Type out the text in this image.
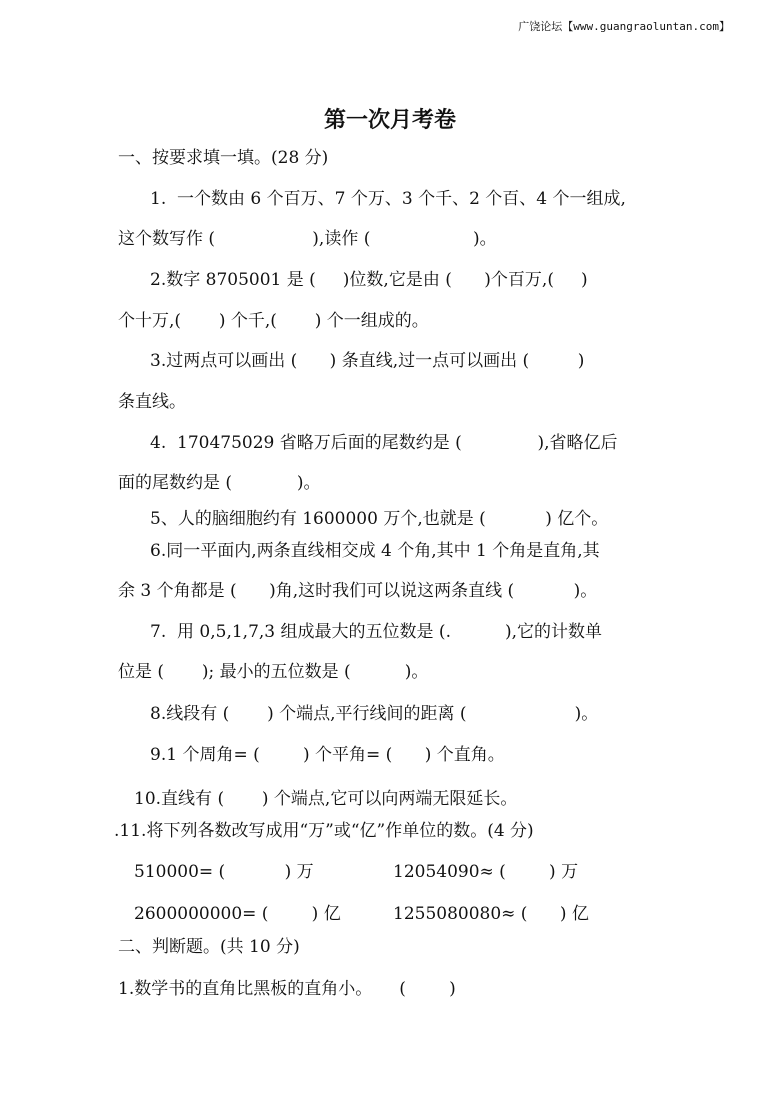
广饶论坛【www.guangraoluntan.com】
第一次月考卷
一、按要求填一填。(28 分)
1.  一个数由 6 个百万、7 个万、3 个千、2 个百、4 个一组成,
这个数写作 (                  ),读作 (                   )。
2.数字 8705001 是 (     )位数,它是由 (      )个百万,(     )
个十万,(       ) 个千,(       ) 个一组成的。
3.过两点可以画出 (      ) 条直线,过一点可以画出 (         )
条直线。
4.  170475029 省略万后面的尾数约是 (              ),省略亿后
面的尾数约是 (            )。
5、人的脑细胞约有 1600000 万个,也就是 (           ) 亿个。
6.同一平面内,两条直线相交成 4 个角,其中 1 个角是直角,其
余 3 个角都是 (      )角,这时我们可以说这两条直线 (           )。
7.  用 0,5,1,7,3 组成最大的五位数是 (.          ),它的计数单
位是 (       ); 最小的五位数是 (          )。
8.线段有 (       ) 个端点,平行线间的距离 (                    )。
9.1 个周角= (        ) 个平角= (      ) 个直角。
10.直线有 (       ) 个端点,它可以向两端无限延长。
.11.将下列各数改写成用“万”或“亿”作单位的数。(4 分)
510000= (           ) 万	12054090≈ (        ) 万
2600000000= (        ) 亿	1255080080≈ (      ) 亿
二、判断题。(共 10 分)
1.数学书的直角比黑板的直角小。     (        )
